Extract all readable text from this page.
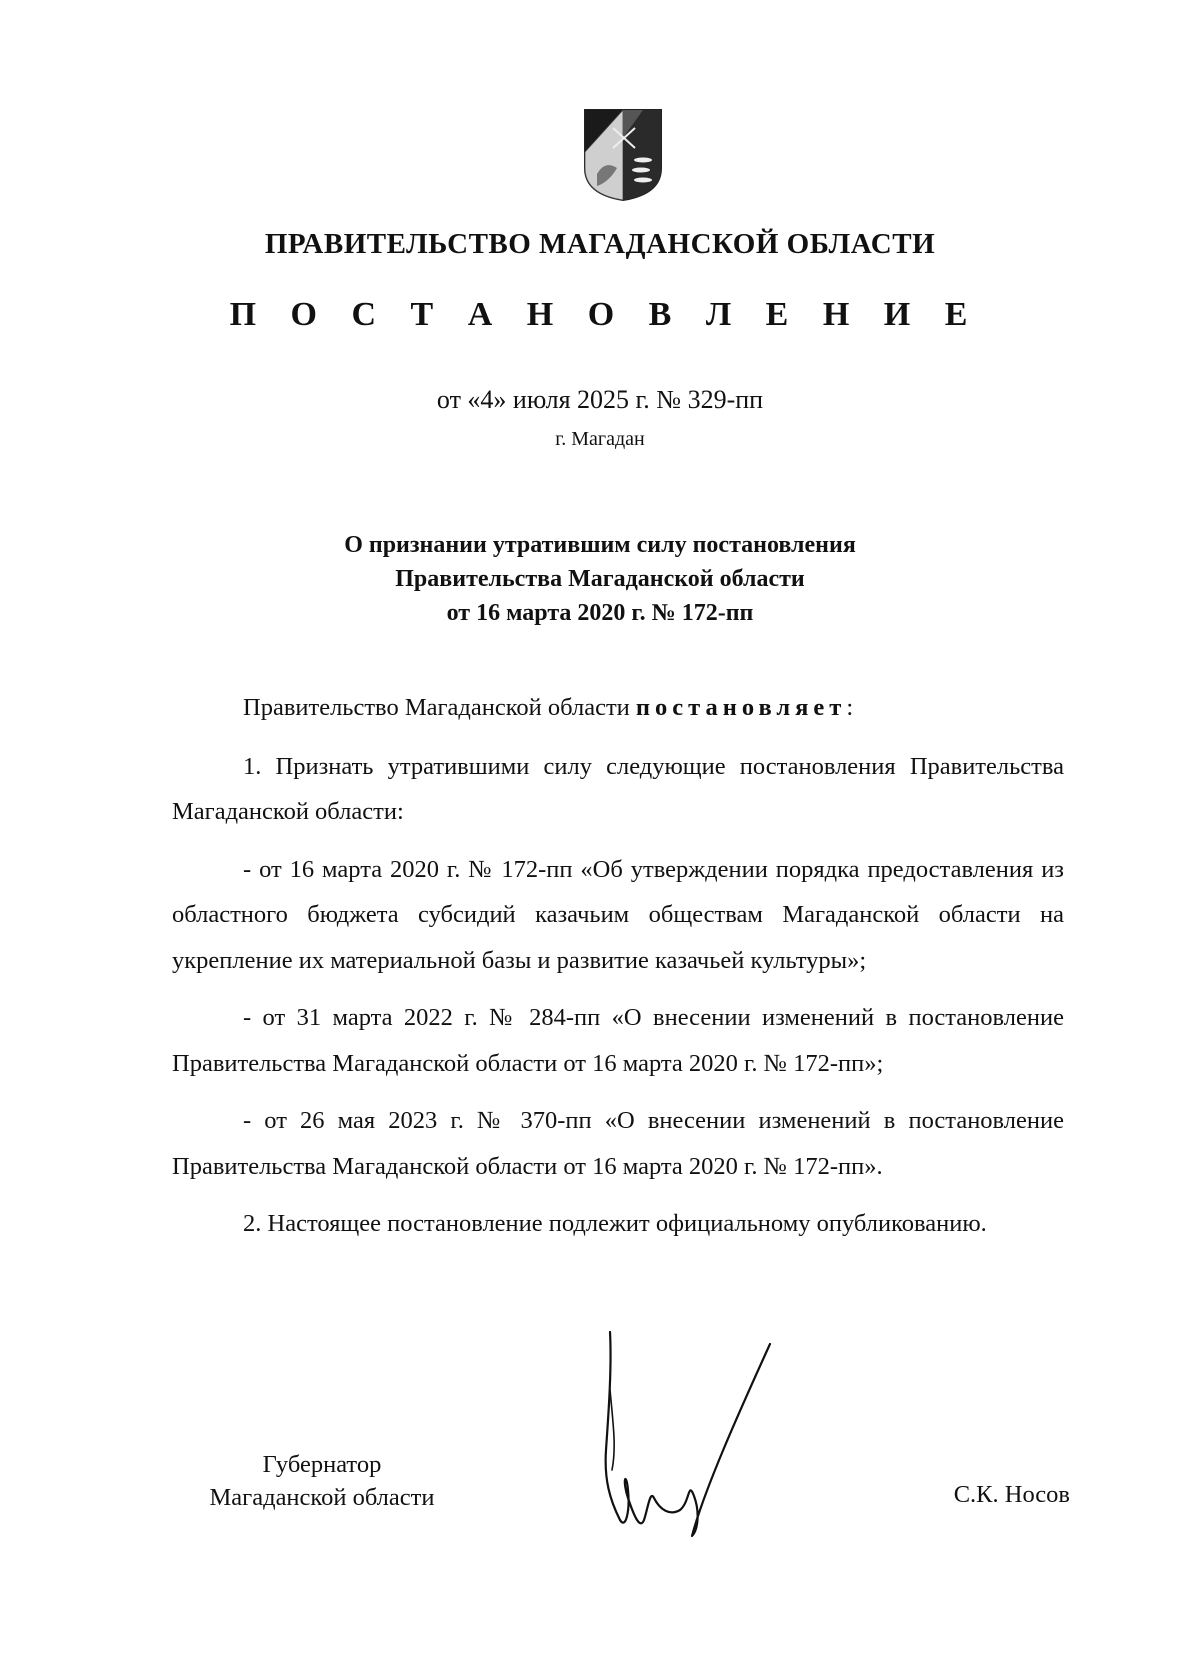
ПРАВИТЕЛЬСТВО МАГАДАНСКОЙ ОБЛАСТИ
П О С Т А Н О В Л Е Н И Е
от «4» июля 2025 г. № 329-пп
г. Магадан
О признании утратившим силу постановления
Правительства Магаданской области
от 16 марта 2020 г. № 172-пп

Правительство Магаданской области постановляет:

1. Признать утратившими силу следующие постановления Правительства Магаданской области:

- от 16 марта 2020 г. № 172-пп «Об утверждении порядка предоставления из областного бюджета субсидий казачьим обществам Магаданской области на укрепление их материальной базы и развитие казачьей культуры»;

- от 31 марта 2022 г. № 284-пп «О внесении изменений в постановление Правительства Магаданской области от 16 марта 2020 г. № 172-пп»;

- от 26 мая 2023 г. № 370-пп «О внесении изменений в постановление Правительства Магаданской области от 16 марта 2020 г. № 172-пп».

2. Настоящее постановление подлежит официальному опубликованию.

Губернатор
Магаданской области	С.К. Носов
